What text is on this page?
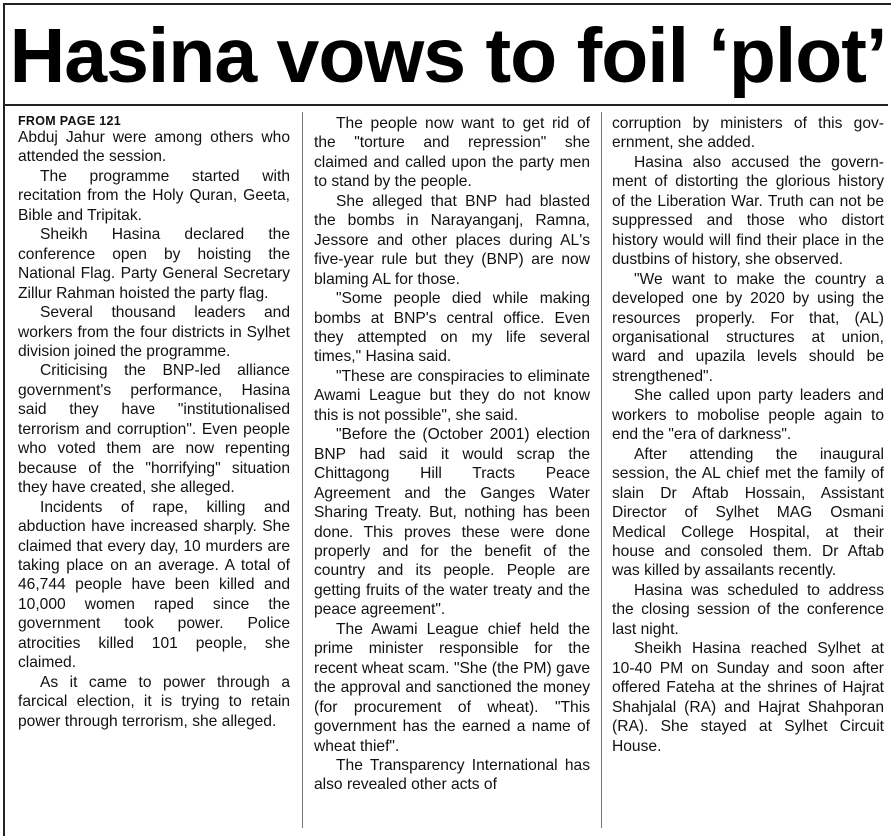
Hasina vows to foil ‘plot’
FROM PAGE 121

Abduj Jahur were among others who attended the session.

The programme started with recitation from the Holy Quran, Geeta, Bible and Tripitak.

Sheikh Hasina declared the conference open by hoisting the National Flag. Party General Secretary Zillur Rahman hoisted the party flag.

Several thousand leaders and workers from the four districts in Sylhet division joined the programme.

Criticising the BNP-led alliance government's performance, Hasina said they have "institutionalised terrorism and corruption". Even people who voted them are now repenting because of the "horrifying" situation they have created, she alleged.

Incidents of rape, killing and abduction have increased sharply. She claimed that every day, 10 murders are taking place on an average. A total of 46,744 people have been killed and 10,000 women raped since the government took power. Police atrocities killed 101 people, she claimed.

As it came to power through a farcical election, it is trying to retain power through terrorism, she alleged.

The people now want to get rid of the "torture and repression" she claimed and called upon the party men to stand by the people.

She alleged that BNP had blasted the bombs in Narayanganj, Ramna, Jessore and other places during AL's five-year rule but they (BNP) are now blaming AL for those.

"Some people died while making bombs at BNP's central office. Even they attempted on my life several times," Hasina said.

"These are conspiracies to eliminate Awami League but they do not know this is not possible", she said.

"Before the (October 2001) election BNP had said it would scrap the Chittagong Hill Tracts Peace Agreement and the Ganges Water Sharing Treaty. But, nothing has been done. This proves these were done properly and for the benefit of the country and its people. People are getting fruits of the water treaty and the peace agreement".

The Awami League chief held the prime minister responsible for the recent wheat scam. "She (the PM) gave the approval and sanctioned the money (for procurement of wheat). "This government has the earned a name of wheat thief".

The Transparency International has also revealed other acts of

corruption by ministers of this government, she added.

Hasina also accused the government of distorting the glorious history of the Liberation War. Truth can not be suppressed and those who distort history would will find their place in the dustbins of history, she observed.

"We want to make the country a developed one by 2020 by using the resources properly. For that, (AL) organisational structures at union, ward and upazila levels should be strengthened".

She called upon party leaders and workers to mobolise people again to end the "era of darkness".

After attending the inaugural session, the AL chief met the family of slain Dr Aftab Hossain, Assistant Director of Sylhet MAG Osmani Medical College Hospital, at their house and consoled them. Dr Aftab was killed by assailants recently.

Hasina was scheduled to address the closing session of the conference last night.

Sheikh Hasina reached Sylhet at 10-40 PM on Sunday and soon after offered Fateha at the shrines of Hajrat Shahjalal (RA) and Hajrat Shahporan (RA). She stayed at Sylhet Circuit House.
